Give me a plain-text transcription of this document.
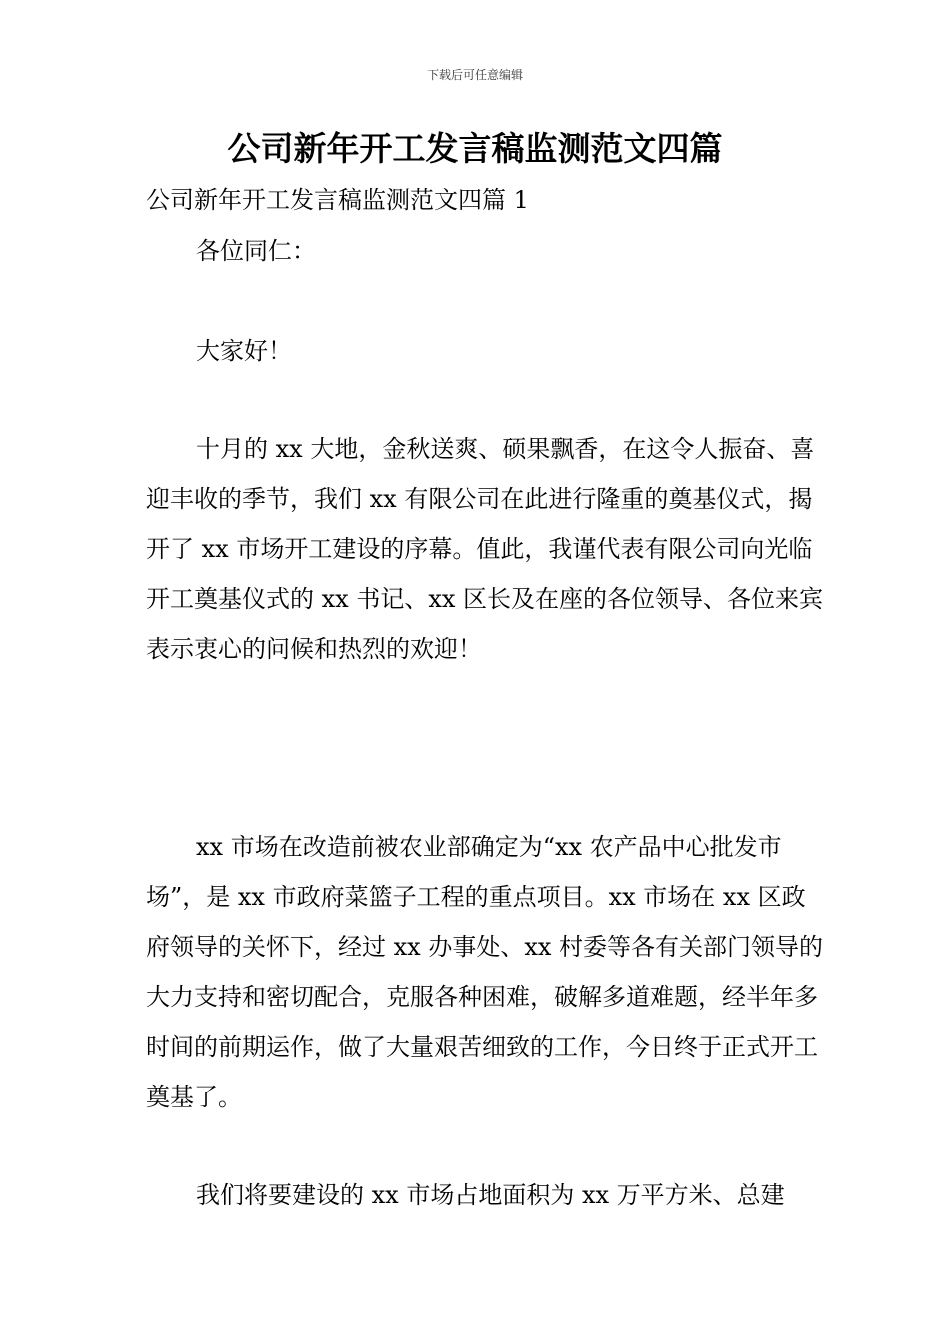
下载后可任意编辑
公司新年开工发言稿监测范文四篇
公司新年开工发言稿监测范文四篇 1

各位同仁：

大家好！

十月的 xx 大地，金秋送爽、硕果飘香，在这令人振奋、喜迎丰收的季节，我们 xx 有限公司在此进行隆重的奠基仪式，揭开了 xx 市场开工建设的序幕。值此，我谨代表有限公司向光临开工奠基仪式的 xx 书记、xx 区长及在座的各位领导、各位来宾表示衷心的问候和热烈的欢迎！

xx 市场在改造前被农业部确定为“xx 农产品中心批发市场”，是 xx 市政府菜篮子工程的重点项目。xx 市场在 xx 区政府领导的关怀下，经过 xx 办事处、xx 村委等各有关部门领导的大力支持和密切配合，克服各种困难，破解多道难题，经半年多时间的前期运作，做了大量艰苦细致的工作，今日终于正式开工奠基了。

我们将要建设的 xx 市场占地面积为 xx 万平方米、总建
